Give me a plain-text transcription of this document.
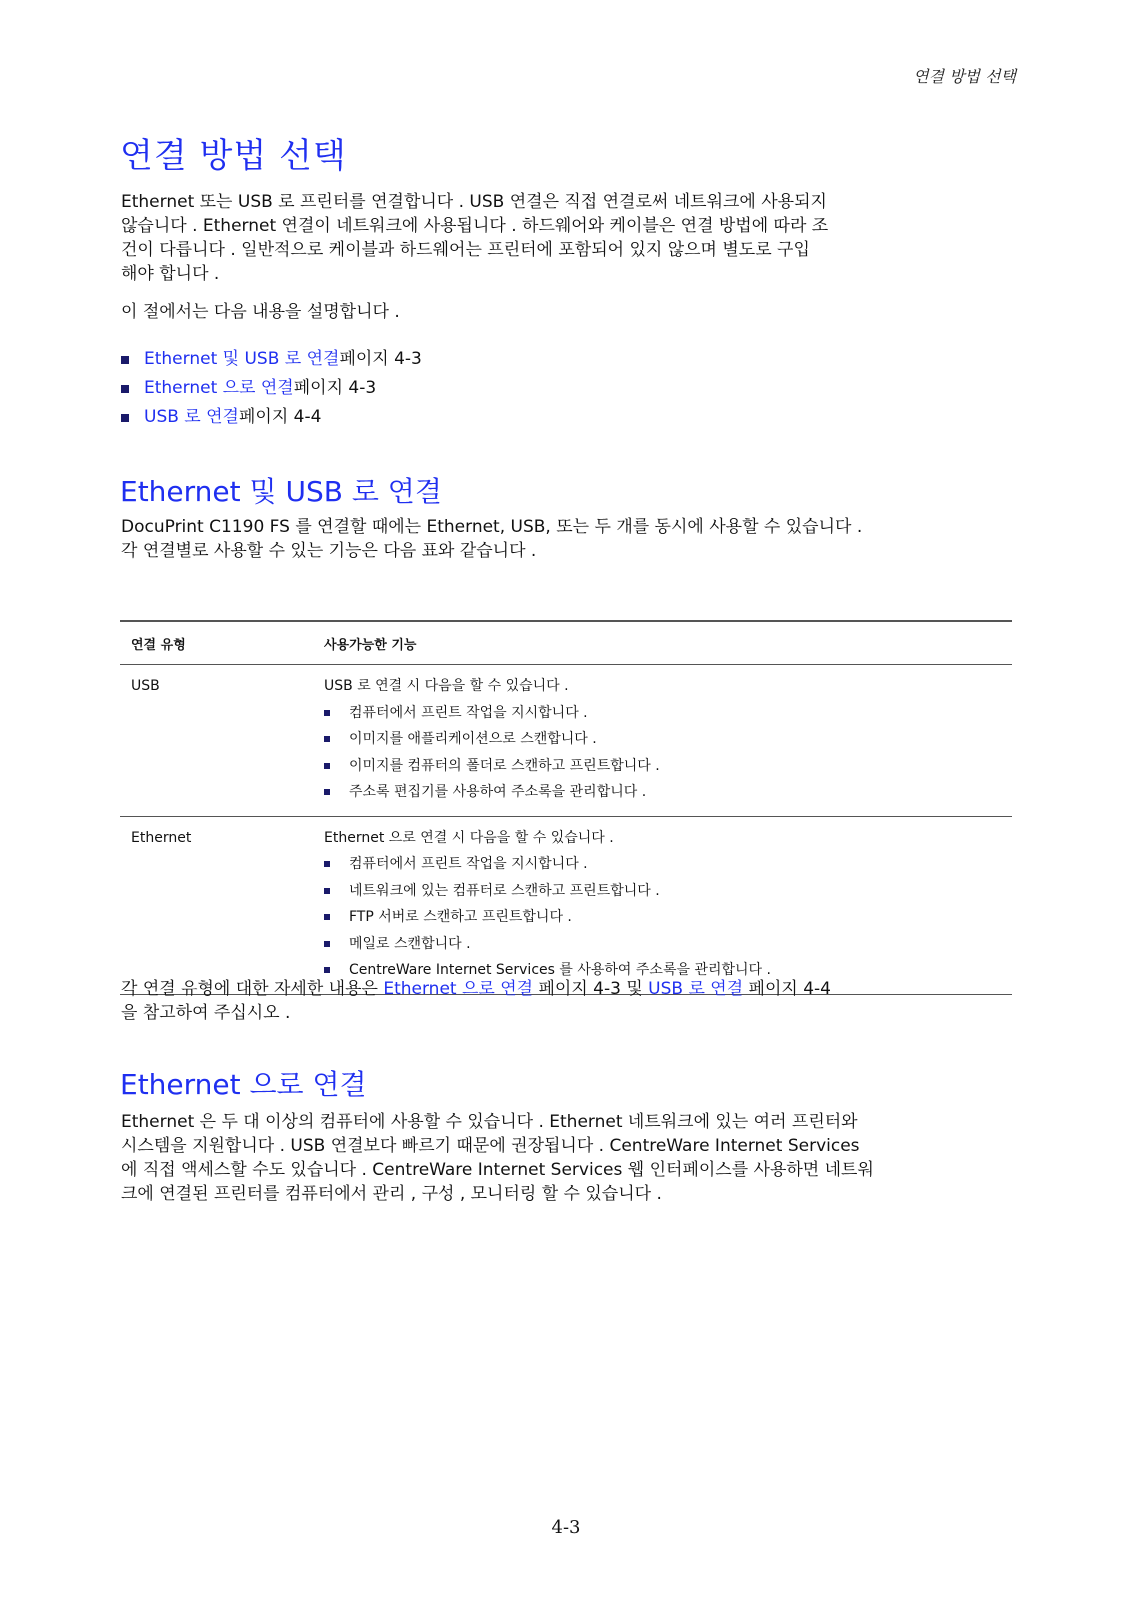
연결 방법 선택
연결 방법 선택
Ethernet 또는 USB 로 프린터를 연결합니다 . USB 연결은 직접 연결로써 네트워크에 사용되지
않습니다 . Ethernet 연결이 네트워크에 사용됩니다 . 하드웨어와 케이블은 연결 방법에 따라 조
건이 다릅니다 . 일반적으로 케이블과 하드웨어는 프린터에 포함되어 있지 않으며 별도로 구입
해야 합니다 .
이 절에서는 다음 내용을 설명합니다 .
Ethernet 및 USB 로 연결 페이지 4-3
Ethernet 으로 연결 페이지 4-3
USB 로 연결 페이지 4-4
Ethernet 및 USB 로 연결
DocuPrint C1190 FS 를 연결할 때에는 Ethernet, USB, 또는 두 개를 동시에 사용할 수 있습니다 .
각 연결별로 사용할 수 있는 기능은 다음 표와 같습니다 .
연결 유형	사용가능한 기능
USB	USB 로 연결 시 다음을 할 수 있습니다 .
컴퓨터에서 프린트 작업을 지시합니다 .
이미지를 애플리케이션으로 스캔합니다 .
이미지를 컴퓨터의 폴더로 스캔하고 프린트합니다 .
주소록 편집기를 사용하여 주소록을 관리합니다 .
Ethernet	Ethernet 으로 연결 시 다음을 할 수 있습니다 .
컴퓨터에서 프린트 작업을 지시합니다 .
네트워크에 있는 컴퓨터로 스캔하고 프린트합니다 .
FTP 서버로 스캔하고 프린트합니다 .
메일로 스캔합니다 .
CentreWare Internet Services 를 사용하여 주소록을 관리합니다 .
각 연결 유형에 대한 자세한 내용은 Ethernet 으로 연결 페이지 4-3 및 USB 로 연결 페이지 4-4
을 참고하여 주십시오 .
Ethernet 으로 연결
Ethernet 은 두 대 이상의 컴퓨터에 사용할 수 있습니다 . Ethernet 네트워크에 있는 여러 프린터와
시스템을 지원합니다 . USB 연결보다 빠르기 때문에 권장됩니다 . CentreWare Internet Services
에 직접 액세스할 수도 있습니다 . CentreWare Internet Services 웹 인터페이스를 사용하면 네트워
크에 연결된 프린터를 컴퓨터에서 관리 , 구성 , 모니터링 할 수 있습니다 .
4-3
